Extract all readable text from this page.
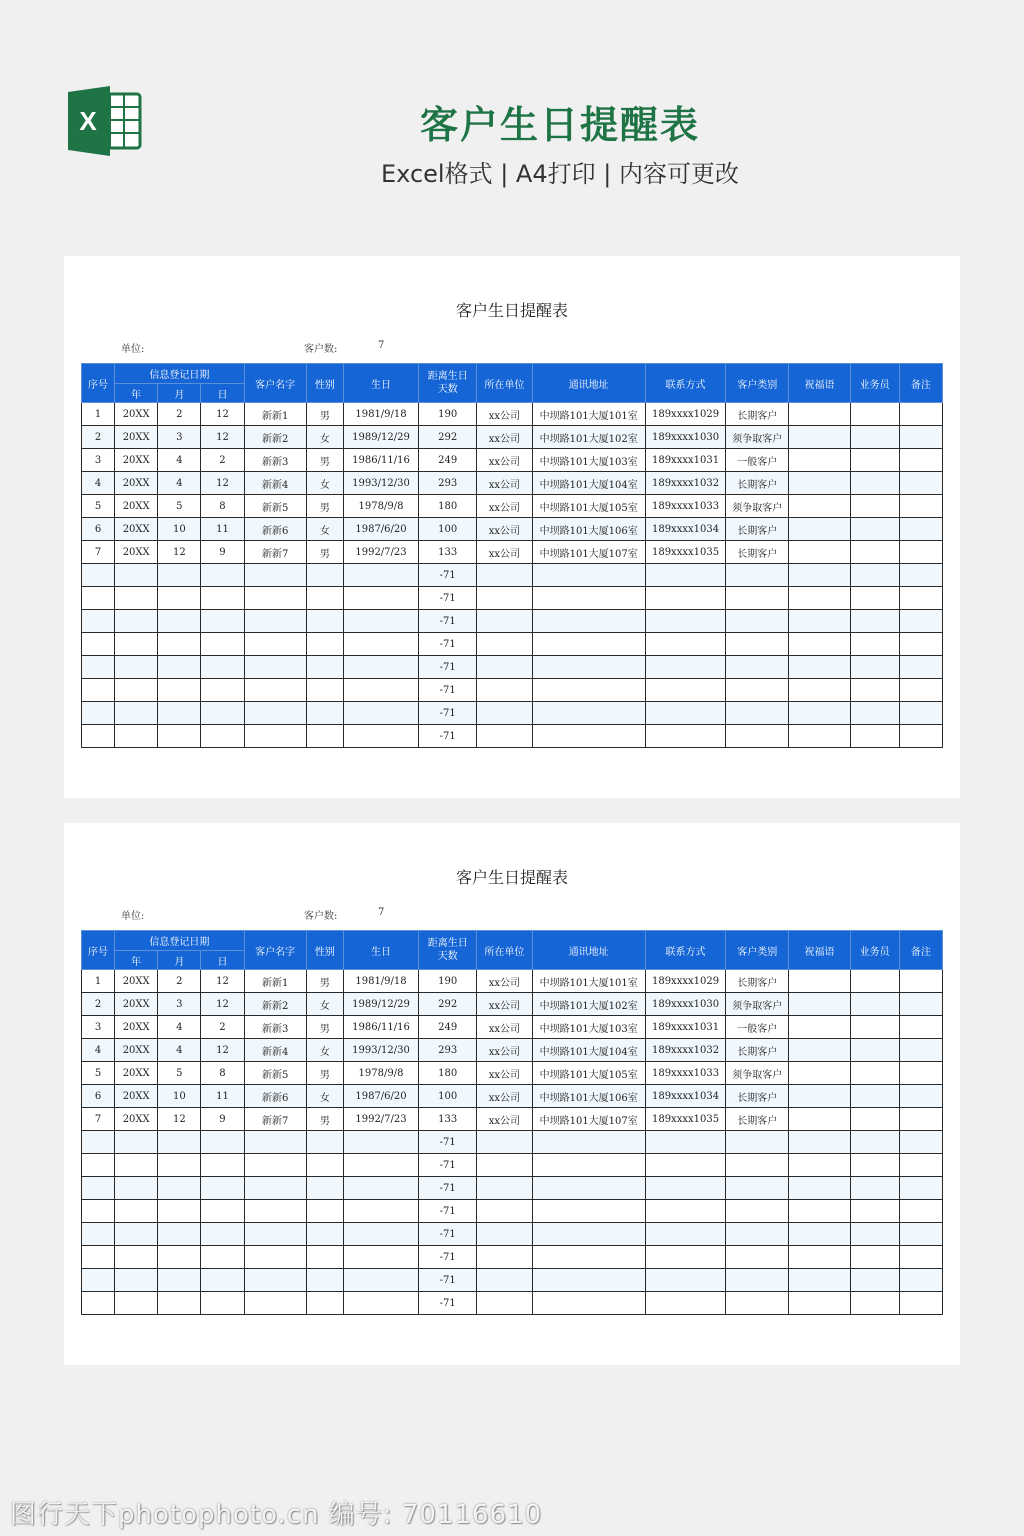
X	客户生日提醒表
Excel格式 | A4打印 | 内容可更改
客户生日提醒表
单位:	客户数:	7
序号	信息登记日期			客户名字	性别	生日	距离生日天数	所在单位	通讯地址	联系方式	客户类别	祝福语	业务员	备注
	年	月	日											
1	20XX	2	12	新新1	男	1981/9/18	190	xx公司	中坝路101大厦101室	189xxxx1029	长期客户			
2	20XX	3	12	新新2	女	1989/12/29	292	xx公司	中坝路101大厦102室	189xxxx1030	须争取客户			
3	20XX	4	2	新新3	男	1986/11/16	249	xx公司	中坝路101大厦103室	189xxxx1031	一般客户			
4	20XX	4	12	新新4	女	1993/12/30	293	xx公司	中坝路101大厦104室	189xxxx1032	长期客户			
5	20XX	5	8	新新5	男	1978/9/8	180	xx公司	中坝路101大厦105室	189xxxx1033	须争取客户			
6	20XX	10	11	新新6	女	1987/6/20	100	xx公司	中坝路101大厦106室	189xxxx1034	长期客户			
7	20XX	12	9	新新7	男	1992/7/23	133	xx公司	中坝路101大厦107室	189xxxx1035	长期客户			
							-71							
							-71							
							-71							
							-71							
							-71							
							-71							
							-71							
							-71							
客户生日提醒表
单位:	客户数:	7
序号	信息登记日期			客户名字	性别	生日	距离生日天数	所在单位	通讯地址	联系方式	客户类别	祝福语	业务员	备注
	年	月	日											
1	20XX	2	12	新新1	男	1981/9/18	190	xx公司	中坝路101大厦101室	189xxxx1029	长期客户			
2	20XX	3	12	新新2	女	1989/12/29	292	xx公司	中坝路101大厦102室	189xxxx1030	须争取客户			
3	20XX	4	2	新新3	男	1986/11/16	249	xx公司	中坝路101大厦103室	189xxxx1031	一般客户			
4	20XX	4	12	新新4	女	1993/12/30	293	xx公司	中坝路101大厦104室	189xxxx1032	长期客户			
5	20XX	5	8	新新5	男	1978/9/8	180	xx公司	中坝路101大厦105室	189xxxx1033	须争取客户			
6	20XX	10	11	新新6	女	1987/6/20	100	xx公司	中坝路101大厦106室	189xxxx1034	长期客户			
7	20XX	12	9	新新7	男	1992/7/23	133	xx公司	中坝路101大厦107室	189xxxx1035	长期客户			
							-71							
							-71							
							-71							
							-71							
							-71							
							-71							
							-71							
							-71							
图行天下photophoto.cn 编号: 70116610
